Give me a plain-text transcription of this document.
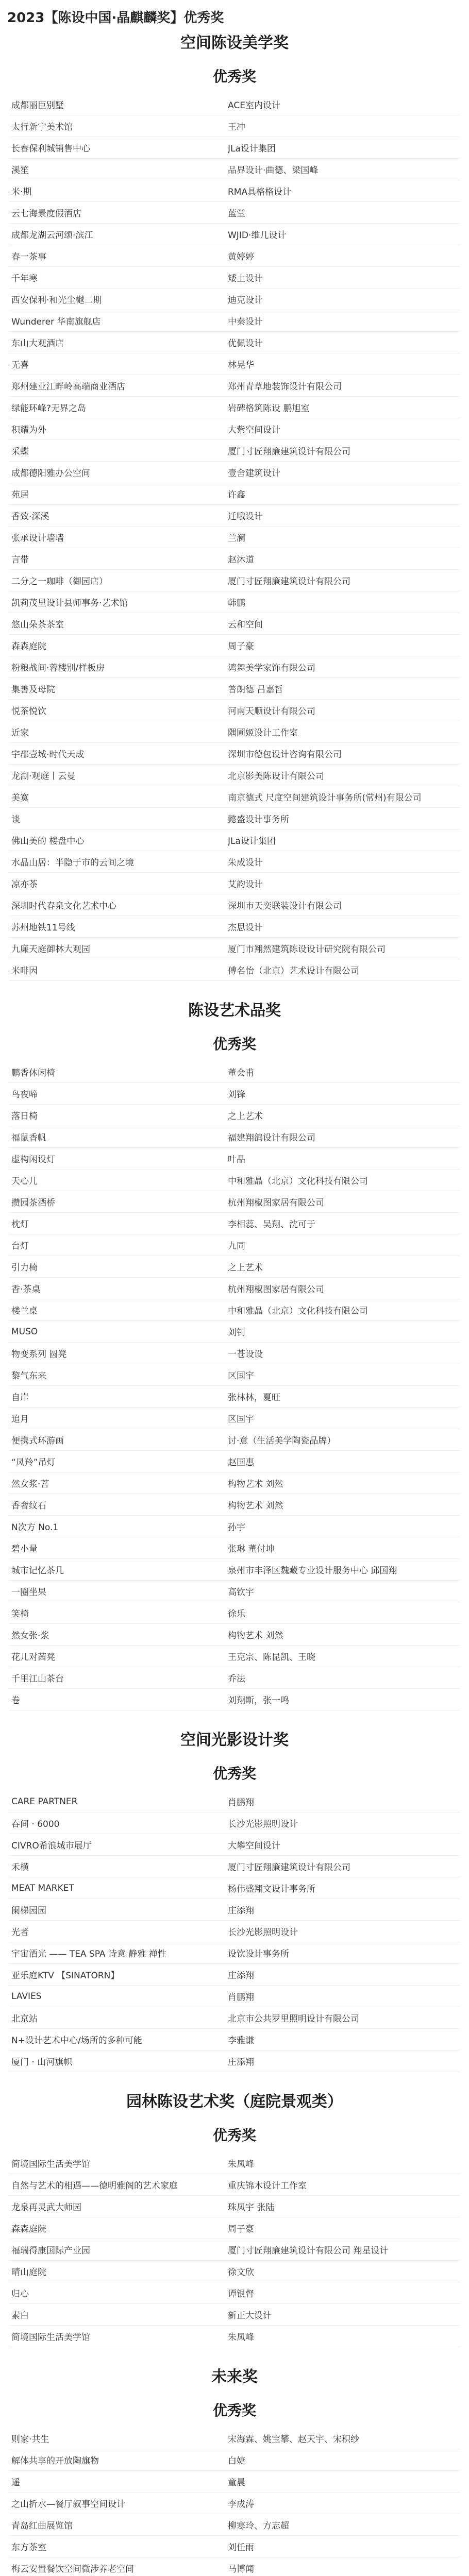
2023【陈设中国·晶麒麟奖】优秀奖
空间陈设美学奖
优秀奖
成都丽臣别墅	ACE室内设计
太行新宁美术馆	王冲
长春保利城销售中心	JLa设计集团
溪笙	品界设计·曲德、梁国峰
米·期	RMA具格格设计
云七海景度假酒店	蓝堂
成都龙湖云河颂·滨江	WJID·维几设计
春一茶事	黄婷婷
千年寒	矮土设计
西安保利·和光尘樾二期	迪克设计
Wunderer 华南旗舰店	中秦设计
东山大观酒店	优佩设计
无喜	林晃华
郑州建业江畔岭高端商业酒店	郑州青草地装饰设计有限公司
绿能环峰?无界之岛	岩碑格筑陈设 鹏旭室
积耀为外	大紫空间设计
采蝶	厦门寸匠翔廉建筑设计有限公司
成都德阳雅办公空间	壹舍建筑设计
苑居	许鑫
香致·深溪	迁哦设计
张承设计墙墙	兰澜
言带	赵沐道
二分之一咖啡（御园店）	厦门寸匠翔廉建筑设计有限公司
凯莉茂里设计县师事务·艺术馆	韩鹏
悠山朵茶茶室	云和空间
森森庭院	周子豪
粉粮战间·蓉楼别/样板房	鸿舞美学家饰有限公司
集善及母院	普朗德 吕嘉哲
悦茶悦饮	河南天顺设计有限公司
近家	隅圃姬设计工作室
宇郡壹城·时代天成	深圳市德包设计咨询有限公司
龙湖·观庭丨云曼	北京影美陈设计有限公司
美寞	南京德式 尺度空间建筑设计事务所(常州)有限公司
谈	懿盛设计事务所
佛山美的 楼盘中心	JLa设计集团
水晶山居：半隐于市的云间之境	朱成设计
凉亦茶	艾韵设计
深圳时代春泉文化艺术中心	深圳市天奕联装设计有限公司
苏州地铁11号线	杰思设计
九廉天庭御林大观园	厦门市翔然建筑陈设设计研究院有限公司
米啡因	傅名怡（北京）艺术设计有限公司
陈设艺术品奖
优秀奖
鹏香休闲椅	董会甫
鸟夜啼	刘锋
落日椅	之上艺术
福鼠香帆	福建翔鸽设计有限公司
虚构闲设灯	叶晶
天心几	中和雅晶（北京）文化科技有限公司
攒园茶酒桥	杭州翔椒图家居有限公司
枕灯	李相蕊、吴翔、沈可于
台灯	九同
引力椅	之上艺术
香·茶桌	杭州翔椒图家居有限公司
楼兰桌	中和雅晶（北京）文化科技有限公司
MUSO	刘钊
物变系列 圆凳	一苍设设
黎气东来	区国宇
自岸	张林林，夏旺
追月	区国宇
便携式环游画	讨·意（生活美学陶瓷品牌）
“凤羚”吊灯	赵国惠
然女浆·菩	构物艺术 刘然
香奢纹石	构物艺术 刘然
N次方 No.1	孙宇
碧小量	张琳 董付坤
城市记忆茶几	泉州市丰泽区魏藏专业设计服务中心 邱国翔
一圈坐果	高钦宇
笑椅	徐乐
然女张·浆	构物艺术 刘然
花儿对茜凳	王克宗、陈昆凯、王晓
千里江山茶台	乔法
卷	刘翔斯，张一鸣
空间光影设计奖
优秀奖
CARE PARTNER	肖鹏翔
吞间 · 6000	长沙光影照明设计
CIVRO希浪城市展厅	大攀空间设计
禾横	厦门寸匠翔廉建筑设计有限公司
MEAT MARKET	杨伟盛翔文设计事务所
阑梯园园	庄添翔
光者	长沙光影照明设计
宇宙酒光 —— TEA SPA 诗意 静雅 禅性	设饮设计事务所
亚乐庭KTV 【SINATORN】	庄添翔
LAVIES	肖鹏翔
北京站	北京市公共罗里照明设计有限公司
N+设计艺术中心/场所的多种可能	李雅谦
厦门 · 山河旗帜	庄添翔
园林陈设艺术奖（庭院景观类）
优秀奖
简境国际生活美学馆	朱凤峰
自然与艺术的相遇——德明雅阁的艺术家庭	重庆锦木设计工作室
龙泉再灵武大师园	珠凤宇 张陆
森森庭院	周子豪
福瑞得康国际产业园	厦门寸匠翔廉建筑设计有限公司 翔星设计
晴山庭院	徐文欣
归心	谭银督
素白	新正大设计
简境国际生活美学馆	朱凤峰
未来奖
优秀奖
则家·共生	宋海霖、姚宝攀、赵天宇、宋积纱
解体共享的开放陶旗物	白婕
遥	童晨
之山折水—餐厅叙事空间设计	李成涛
青岛红曲展览馆	柳寒玲、方志超
东方茶室	刘任雨
梅云安置餐饮空间微涉养老空间	马博闻
